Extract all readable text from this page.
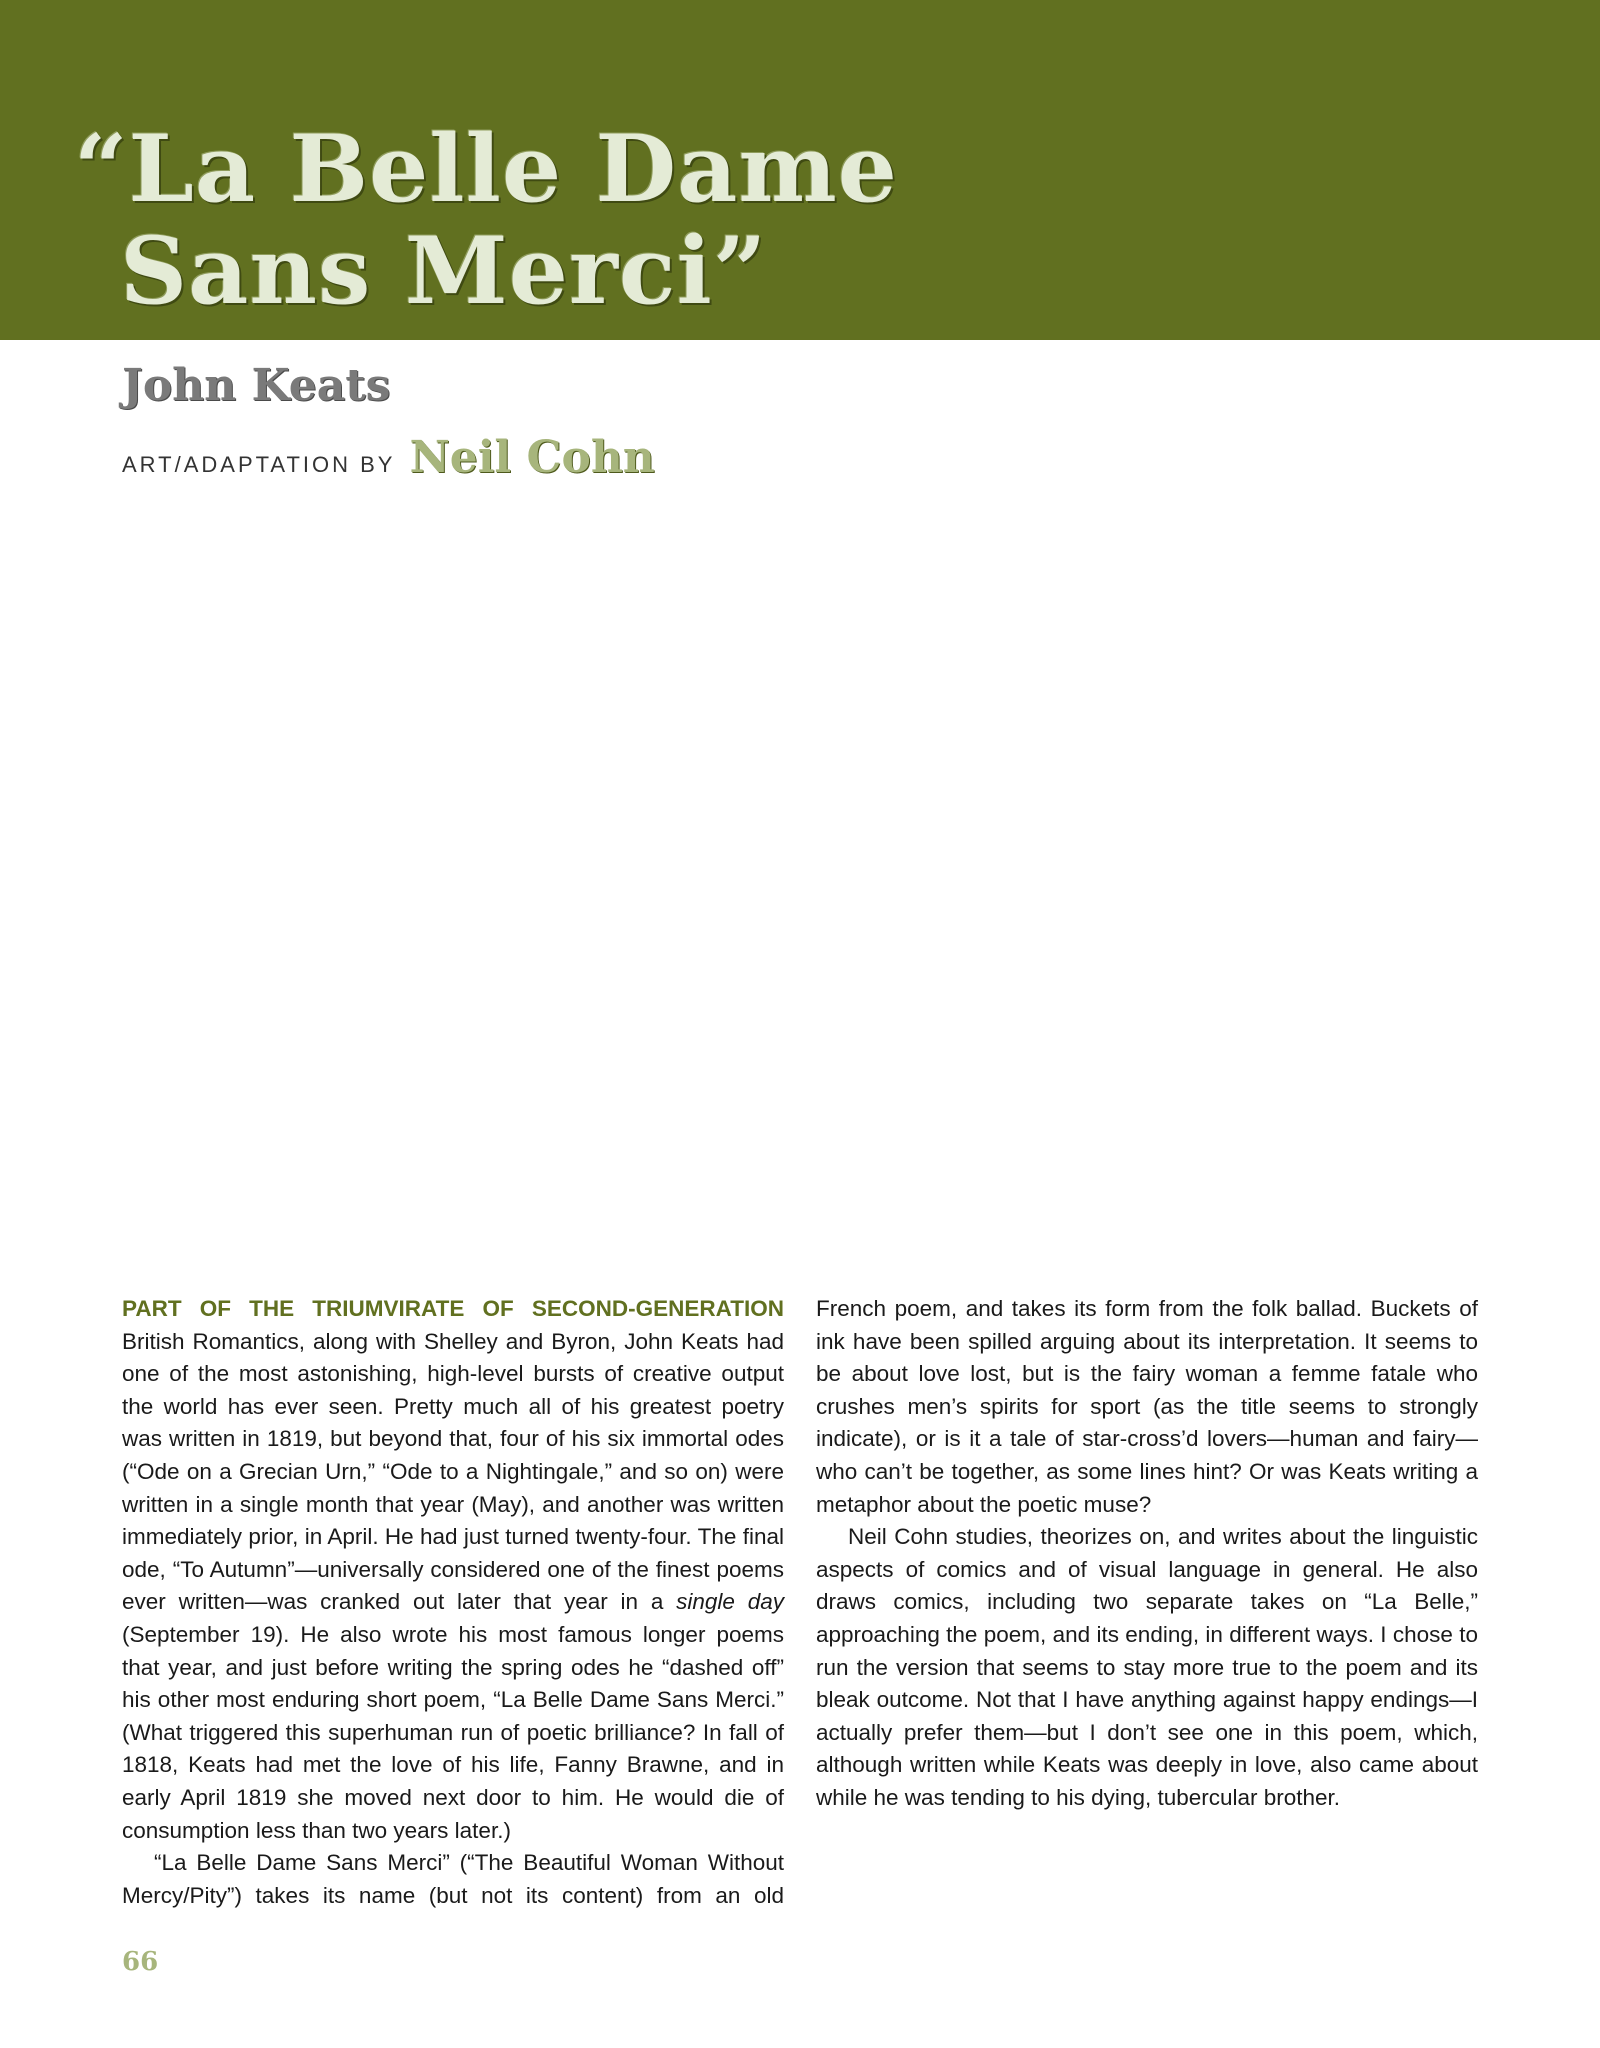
“La Belle Dame
Sans Merci”
John Keats
ART/ADAPTATION BY Neil Cohn

PART OF THE TRIUMVIRATE OF SECOND-GENERATION British Romantics, along with Shelley and Byron, John Keats had one of the most astonishing, high-level bursts of creative output the world has ever seen. Pretty much all of his greatest poetry was written in 1819, but beyond that, four of his six immortal odes (“Ode on a Grecian Urn,” “Ode to a Nightingale,” and so on) were written in a single month that year (May), and another was written immediately prior, in April. He had just turned twenty-four. The final ode, “To Autumn”—universally considered one of the finest poems ever written—was cranked out later that year in a single day (September 19). He also wrote his most famous longer poems that year, and just before writing the spring odes he “dashed off” his other most enduring short poem, “La Belle Dame Sans Merci.” (What triggered this superhuman run of poetic brilliance? In fall of 1818, Keats had met the love of his life, Fanny Brawne, and in early April 1819 she moved next door to him. He would die of consumption less than two years later.)

“La Belle Dame Sans Merci” (“The Beautiful Woman Without Mercy/Pity”) takes its name (but not its content) from an old French poem, and takes its form from the folk ballad. Buckets of ink have been spilled arguing about its interpretation. It seems to be about love lost, but is the fairy woman a femme fatale who crushes men’s spirits for sport (as the title seems to strongly indicate), or is it a tale of star-cross’d lovers—human and fairy—who can’t be together, as some lines hint? Or was Keats writing a metaphor about the poetic muse?

Neil Cohn studies, theorizes on, and writes about the linguistic aspects of comics and of visual language in general. He also draws comics, including two separate takes on “La Belle,” approaching the poem, and its ending, in different ways. I chose to run the version that seems to stay more true to the poem and its bleak outcome. Not that I have anything against happy endings—I actually prefer them—but I don’t see one in this poem, which, although written while Keats was deeply in love, also came about while he was tending to his dying, tubercular brother.

66
